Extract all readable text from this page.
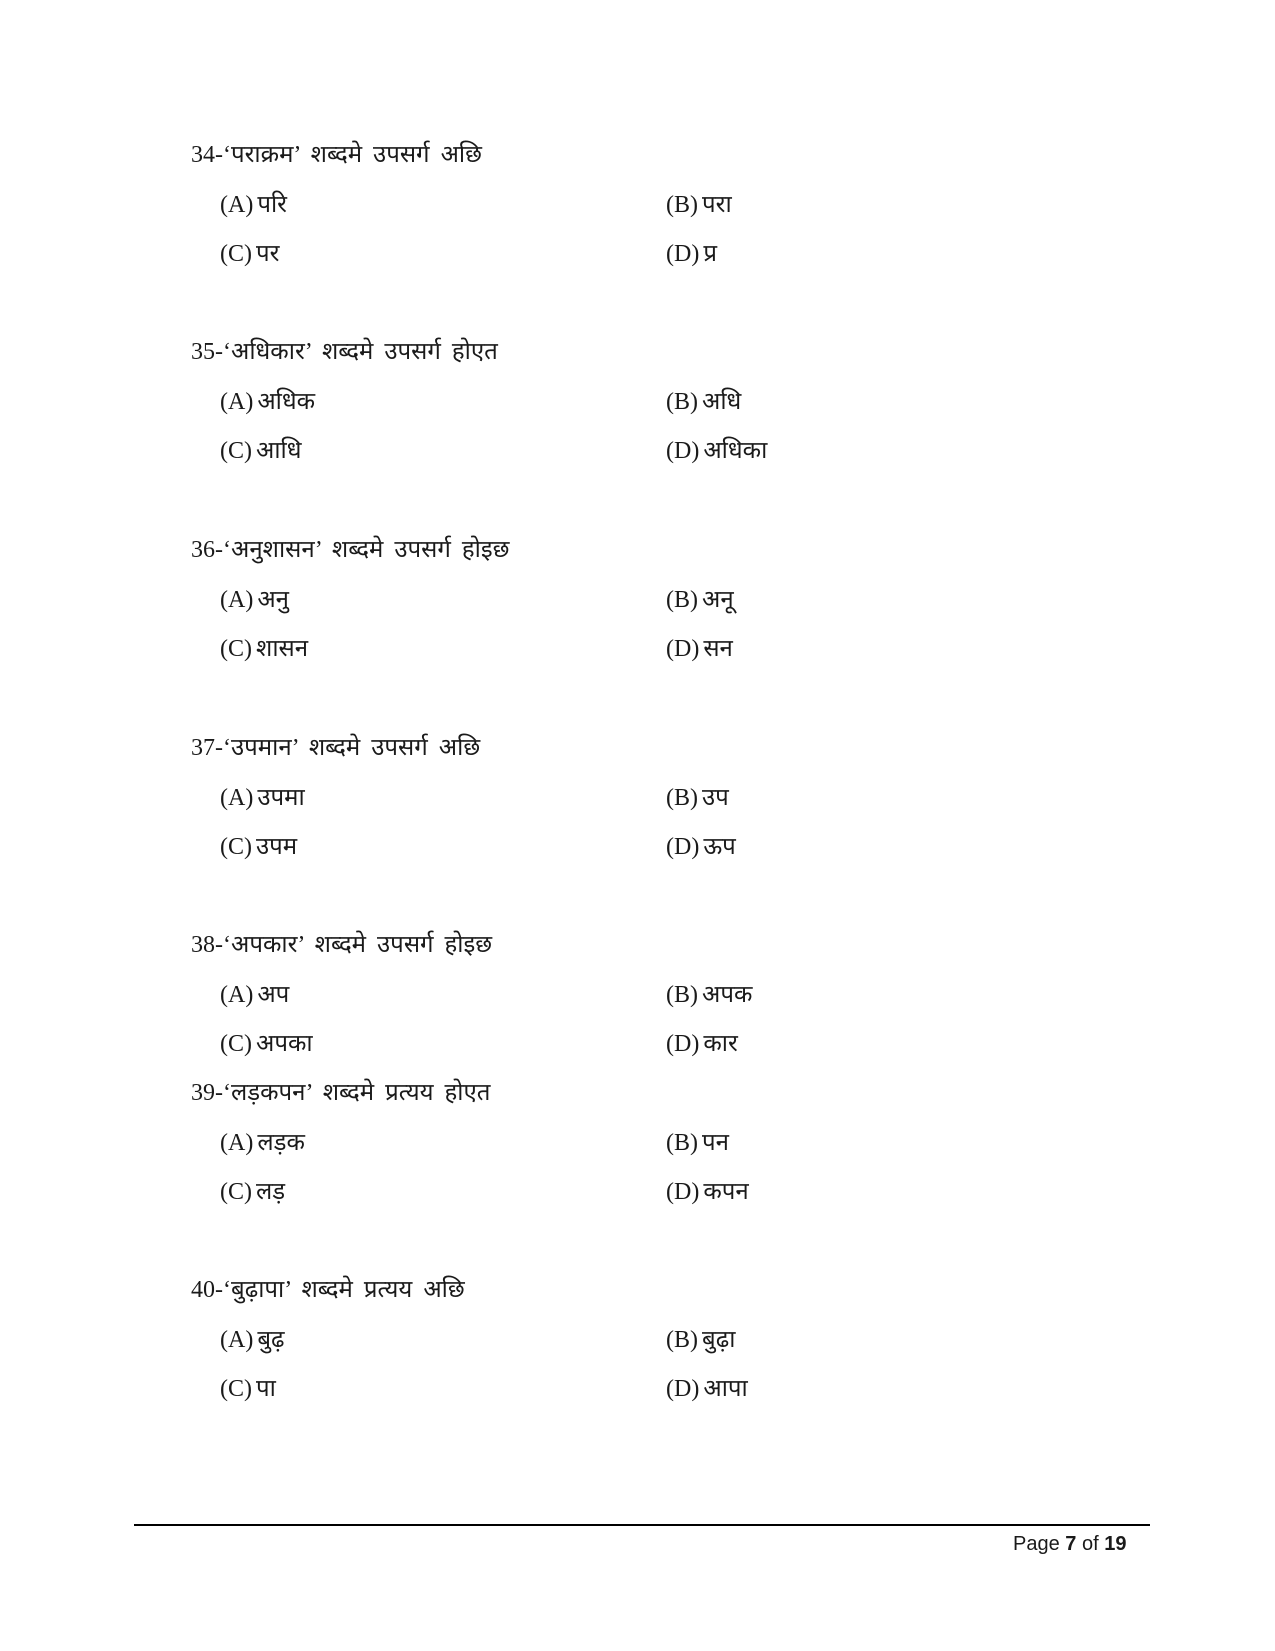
34-‘पराक्रम’ शब्दमे उपसर्ग अछि
(A) परि	(B) परा
(C) पर	(D) प्र
35-‘अधिकार’ शब्दमे उपसर्ग होएत
(A) अधिक	(B) अधि
(C) आधि	(D) अधिका
36-‘अनुशासन’ शब्दमे उपसर्ग होइछ
(A) अनु	(B) अनू
(C) शासन	(D) सन
37-‘उपमान’ शब्दमे उपसर्ग अछि
(A) उपमा	(B) उप
(C) उपम	(D) ऊप
38-‘अपकार’ शब्दमे उपसर्ग होइछ
(A) अप	(B) अपक
(C) अपका	(D) कार
39-‘लड़कपन’ शब्दमे प्रत्यय होएत
(A) लड़क	(B) पन
(C) लड़	(D) कपन
40-‘बुढ़ापा’ शब्दमे प्रत्यय अछि
(A) बुढ़	(B) बुढ़ा
(C) पा	(D) आपा
Page 7 of 19
